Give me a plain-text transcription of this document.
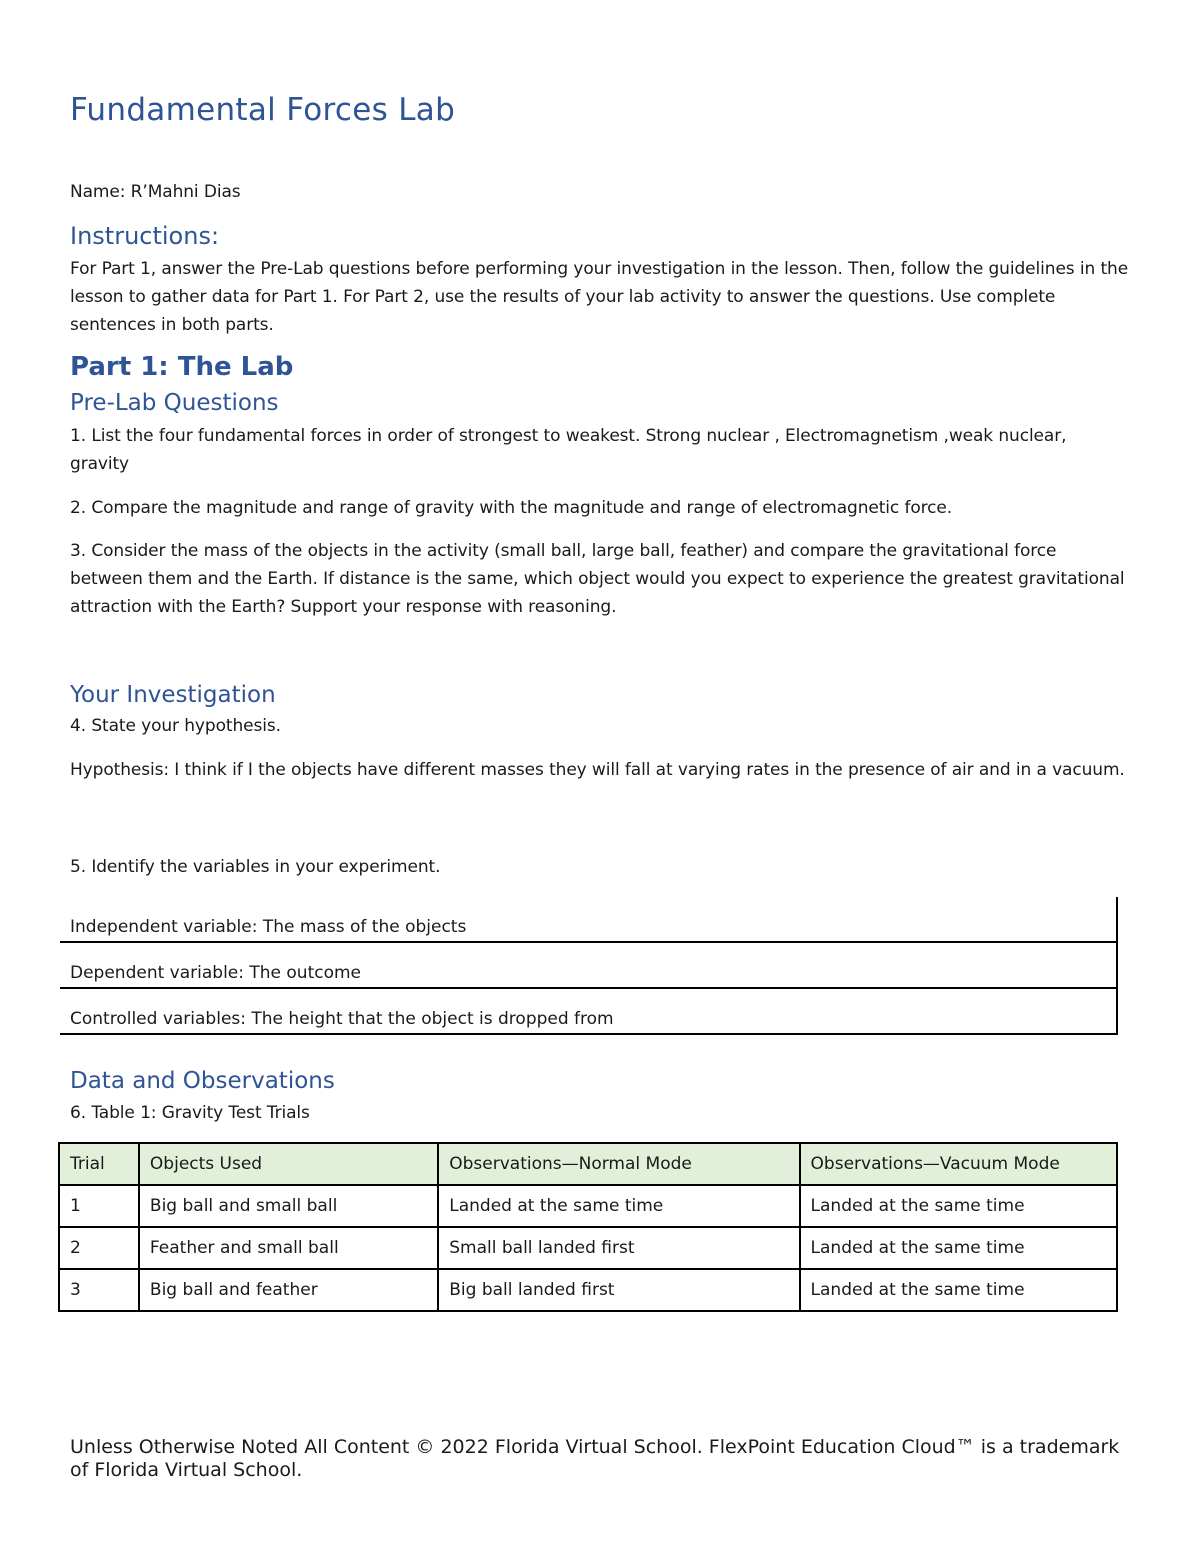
Fundamental Forces Lab
Name: R’Mahni Dias
Instructions:
For Part 1, answer the Pre-Lab questions before performing your investigation in the lesson. Then, follow the guidelines in the lesson to gather data for Part 1. For Part 2, use the results of your lab activity to answer the questions. Use complete sentences in both parts.
Part 1: The Lab
Pre-Lab Questions
1. List the four fundamental forces in order of strongest to weakest. Strong nuclear , Electromagnetism ,weak nuclear, gravity
2. Compare the magnitude and range of gravity with the magnitude and range of electromagnetic force.
3. Consider the mass of the objects in the activity (small ball, large ball, feather) and compare the gravitational force between them and the Earth. If distance is the same, which object would you expect to experience the greatest gravitational attraction with the Earth? Support your response with reasoning.
Your Investigation
4. State your hypothesis.
Hypothesis: I think if I the objects have different masses they will fall at varying rates in the presence of air and in a vacuum.
5. Identify the variables in your experiment.
Independent variable: The mass of the objects
Dependent variable: The outcome
Controlled variables: The height that the object is dropped from
Data and Observations
6. Table 1: Gravity Test Trials
Trial	Objects Used	Observations—Normal Mode	Observations—Vacuum Mode
1	Big ball and small ball	Landed at the same time	Landed at the same time
2	Feather and small ball	Small ball landed first	Landed at the same time
3	Big ball and feather	Big ball landed first	Landed at the same time
Unless Otherwise Noted All Content © 2022 Florida Virtual School. FlexPoint Education Cloud™ is a trademark of Florida Virtual School.
